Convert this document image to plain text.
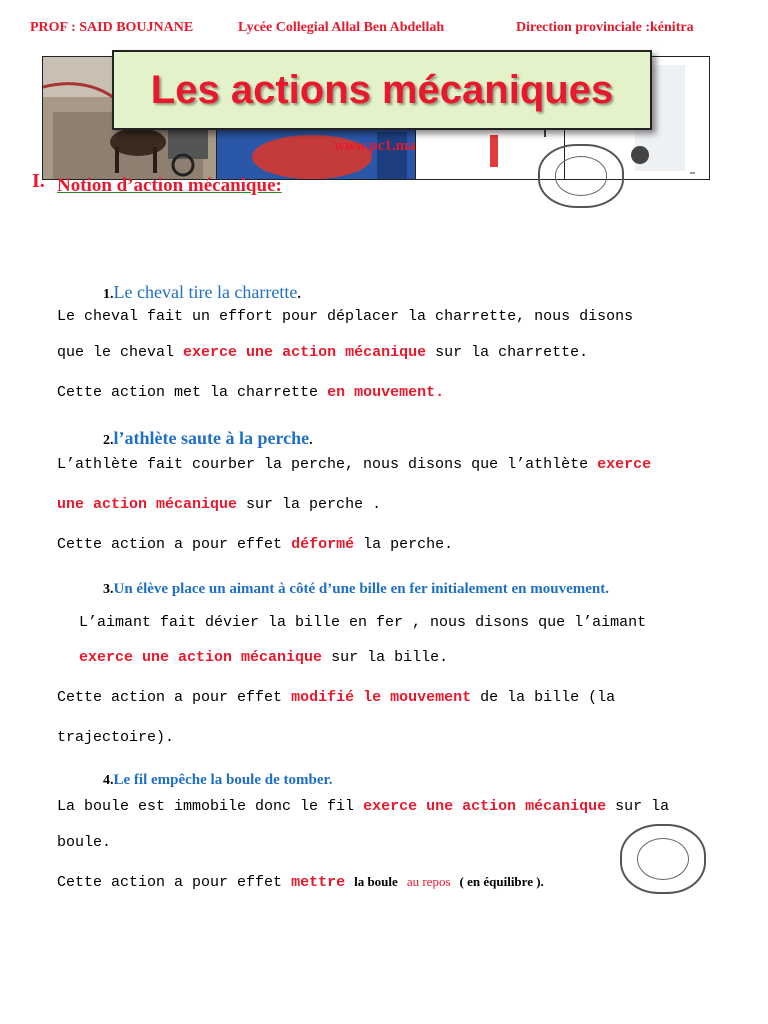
PROF : SAID BOUJNANE	Lycée Collegial Allal Ben Abdellah	Direction provinciale :kénitra
Les actions mécaniques
www.pc1.ma
I. Notion d’action mécanique:
1.Le cheval tire la charrette.
Le cheval fait un effort pour déplacer la charrette, nous disons
que le cheval exerce une action mécanique sur la charrette.
Cette action met la charrette en mouvement.
2.l’athlète saute à la perche.
L’athlète fait courber la perche, nous disons que l’athlète exerce
une action mécanique sur la perche .
Cette action a pour effet déformé la perche.
3.Un élève place un aimant à côté d’une bille en fer initialement en mouvement.
L’aimant fait dévier la bille en fer , nous disons que l’aimant
exerce une action mécanique sur la bille.
Cette action a pour effet modifié le mouvement de la bille (la
trajectoire).
4.Le fil empêche la boule de tomber.
La boule est immobile donc le fil exerce une action mécanique sur la
boule.
Cette action a pour effet mettre la boule au repos ( en équilibre ).
